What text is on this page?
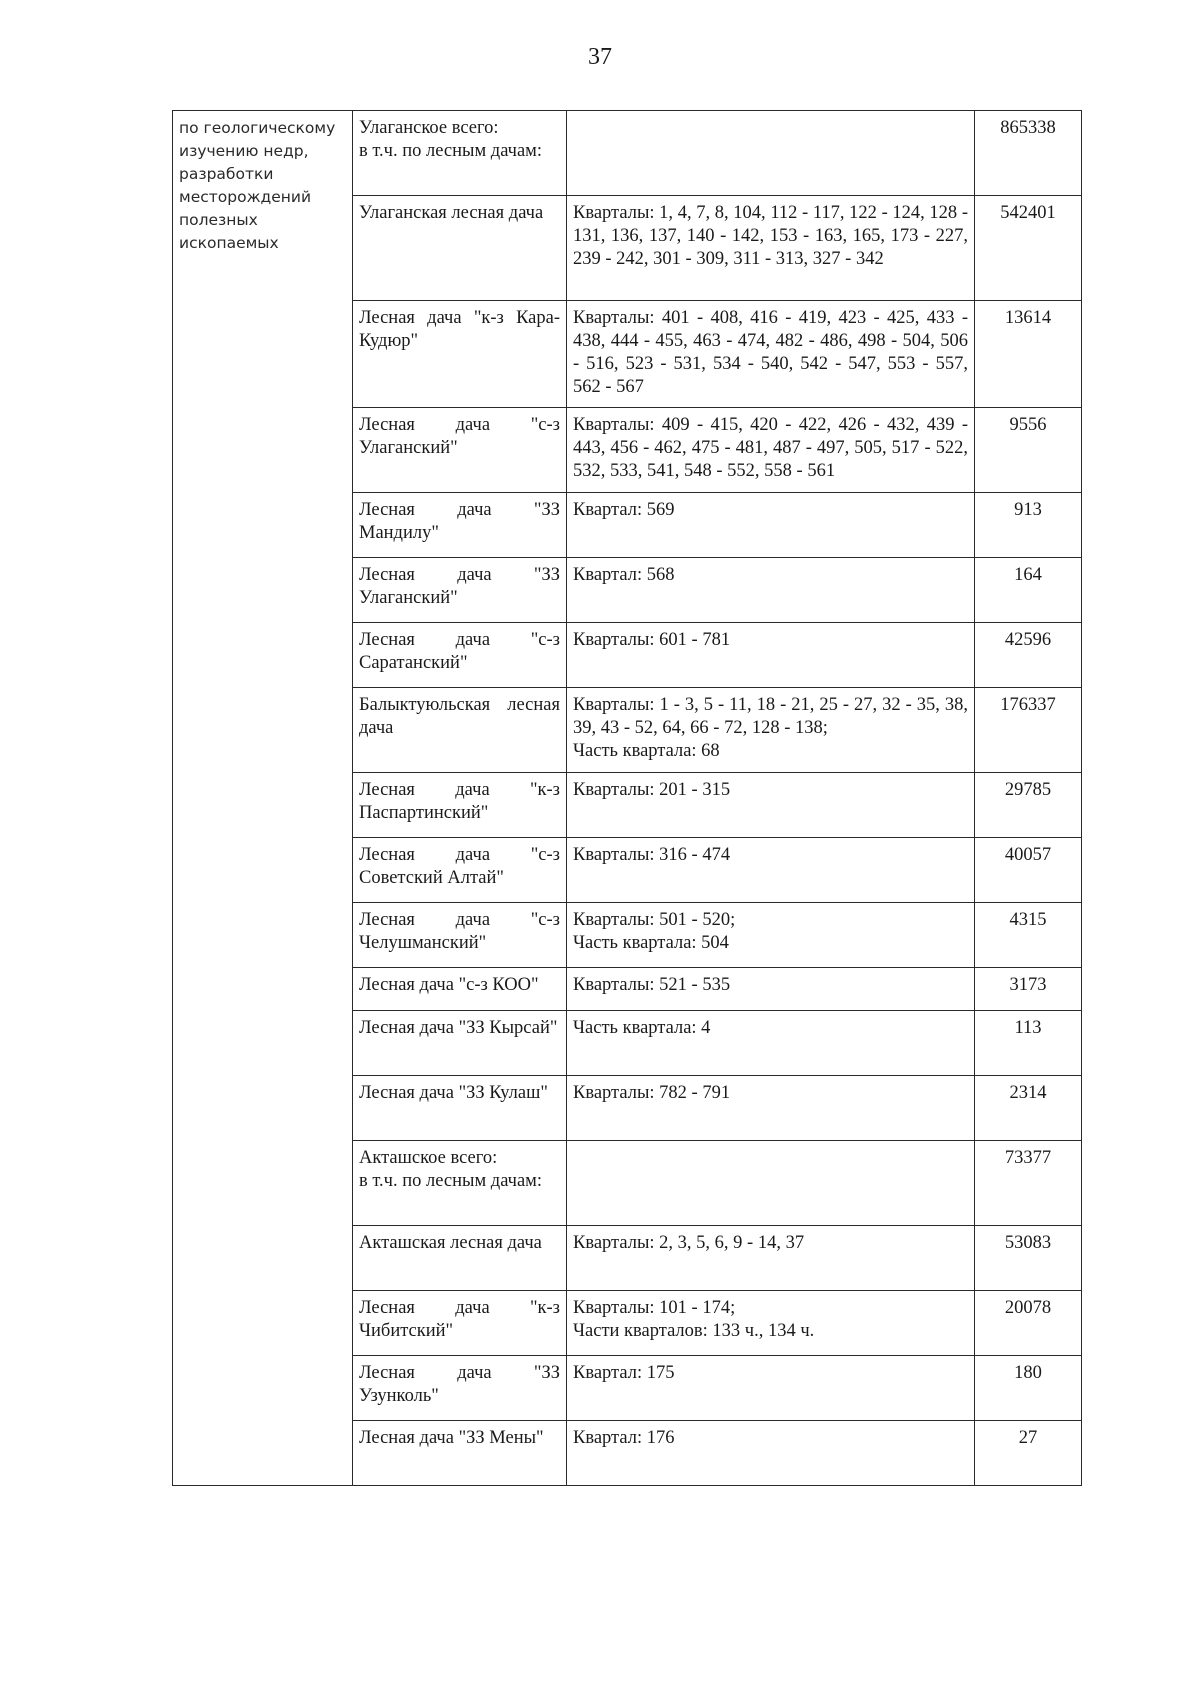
37
по геологическому изучению недр, разработки месторождений полезных ископаемых	Улаганское всего:
в т.ч. по лесным дачам:		865338
	Улаганская лесная дача	Кварталы: 1, 4, 7, 8, 104, 112 - 117, 122 - 124, 128 - 131, 136, 137, 140 - 142, 153 - 163, 165, 173 - 227, 239 - 242, 301 - 309, 311 - 313, 327 - 342	542401
	Лесная дача "к-з Кара-Кудюр"	Кварталы: 401 - 408, 416 - 419, 423 - 425, 433 - 438, 444 - 455, 463 - 474, 482 - 486, 498 - 504, 506 - 516, 523 - 531, 534 - 540, 542 - 547, 553 - 557, 562 - 567	13614
	Лесная дача "с-з Улаганский"	Кварталы: 409 - 415, 420 - 422, 426 - 432, 439 - 443, 456 - 462, 475 - 481, 487 - 497, 505, 517 - 522, 532, 533, 541, 548 - 552, 558 - 561	9556
	Лесная дача "ЗЗ Мандилу"	Квартал: 569	913
	Лесная дача "ЗЗ Улаганский"	Квартал: 568	164
	Лесная дача "с-з Саратанский"	Кварталы: 601 - 781	42596
	Балыктуюльская лесная дача	Кварталы: 1 - 3, 5 - 11, 18 - 21, 25 - 27, 32 - 35, 38, 39, 43 - 52, 64, 66 - 72, 128 - 138;
Часть квартала: 68	176337
	Лесная дача "к-з Паспартинский"	Кварталы: 201 - 315	29785
	Лесная дача "с-з Советский Алтай"	Кварталы: 316 - 474	40057
	Лесная дача "с-з Челушманский"	Кварталы: 501 - 520;
Часть квартала: 504	4315
	Лесная дача "с-з КОО"	Кварталы: 521 - 535	3173
	Лесная дача "ЗЗ Кырсай"	Часть квартала: 4	113
	Лесная дача "ЗЗ Кулаш"	Кварталы: 782 - 791	2314
	Акташское всего:
в т.ч. по лесным дачам:		73377
	Акташская лесная дача	Кварталы: 2, 3, 5, 6, 9 - 14, 37	53083
	Лесная дача "к-з Чибитский"	Кварталы: 101 - 174;
Части кварталов: 133 ч., 134 ч.	20078
	Лесная дача "ЗЗ Узунколь"	Квартал: 175	180
	Лесная дача "ЗЗ Мены"	Квартал: 176	27
